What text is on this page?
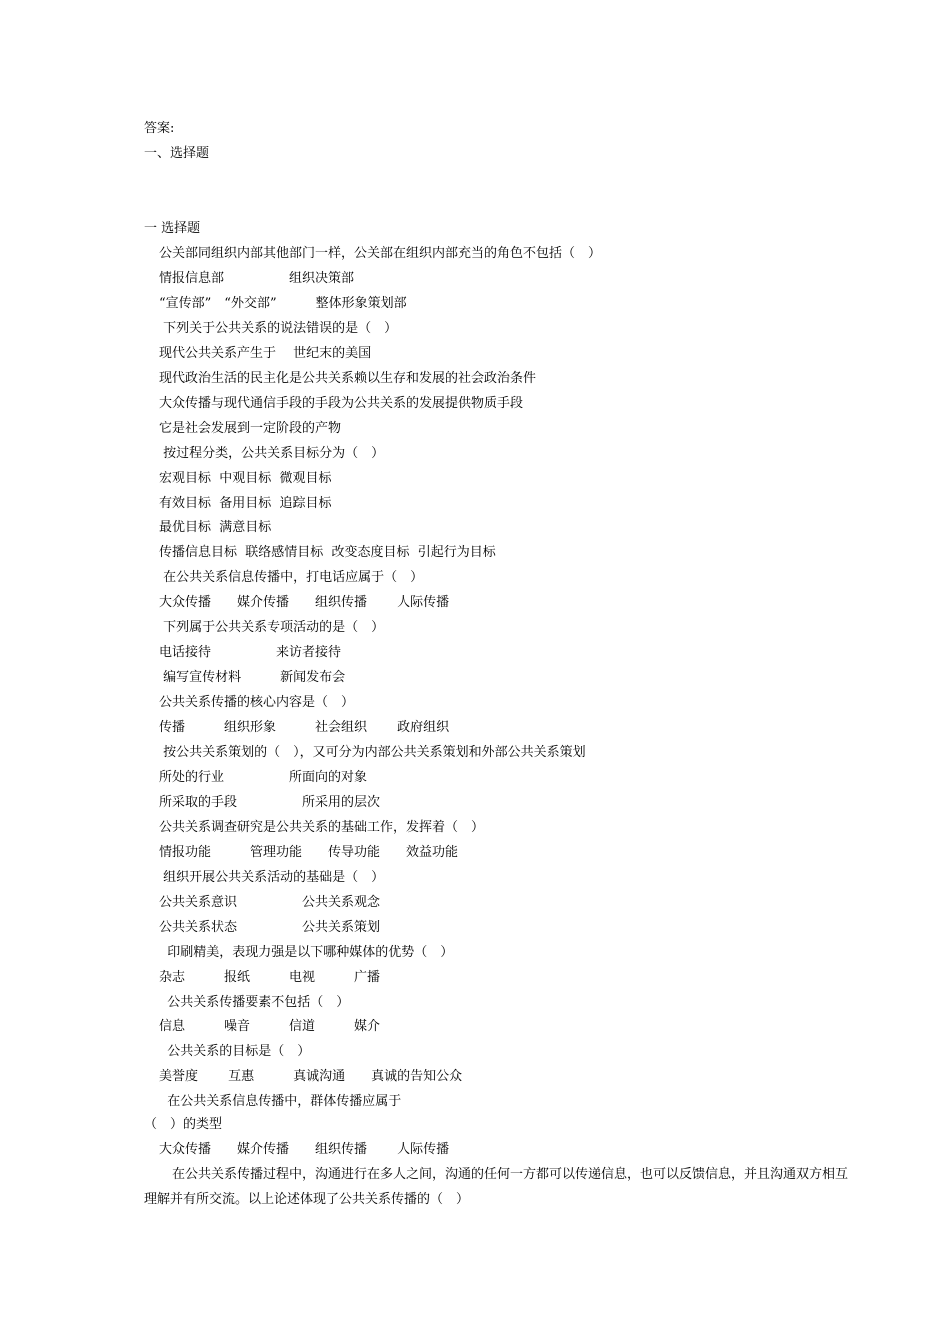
答案:
一、选择题
一 选择题
公关部同组织内部其他部门一样，公关部在组织内部充当的角色不包括（　）
情报信息部　　　　　组织决策部
“宣传部”　“外交部”　　　整体形象策划部
下列关于公共关系的说法错误的是（　）
现代公共关系产生于　 世纪末的美国
现代政治生活的民主化是公共关系赖以生存和发展的社会政治条件
大众传播与现代通信手段的手段为公共关系的发展提供物质手段
它是社会发展到一定阶段的产物
按过程分类，公共关系目标分为（　）
宏观目标  中观目标  微观目标
有效目标  备用目标  追踪目标
最优目标  满意目标
传播信息目标  联络感情目标  改变态度目标  引起行为目标
在公共关系信息传播中，打电话应属于（　）
大众传播　　媒介传播　　组织传播　　 人际传播
下列属于公共关系专项活动的是（　）
电话接待　　　　　来访者接待
编写宣传材料　　　新闻发布会
公共关系传播的核心内容是（　）
传播　　　组织形象　　　社会组织　　 政府组织
按公共关系策划的（　），又可分为内部公共关系策划和外部公共关系策划
所处的行业　　　　　所面向的对象
所采取的手段　　　　　所采用的层次
公共关系调查研究是公共关系的基础工作，发挥着（　）
情报功能　　　管理功能　　传导功能　　效益功能
组织开展公共关系活动的基础是（　）
公共关系意识　　　　　公共关系观念
公共关系状态　　　　　公共关系策划
印刷精美，表现力强是以下哪种媒体的优势（　）
杂志　　　报纸　　　电视　　　广播
公共关系传播要素不包括（　）
信息　　　噪音　　　信道　　　媒介
公共关系的目标是（　）
美誉度　　 互惠　　　真诚沟通　　真诚的告知公众
在公共关系信息传播中，群体传播应属于
（　）的类型
大众传播　　媒介传播　　组织传播　　 人际传播
在公共关系传播过程中，沟通进行在多人之间，沟通的任何一方都可以传递信息，也可以反馈信息，并且沟通双方相互理解并有所交流。以上论述体现了公共关系传播的（　）
